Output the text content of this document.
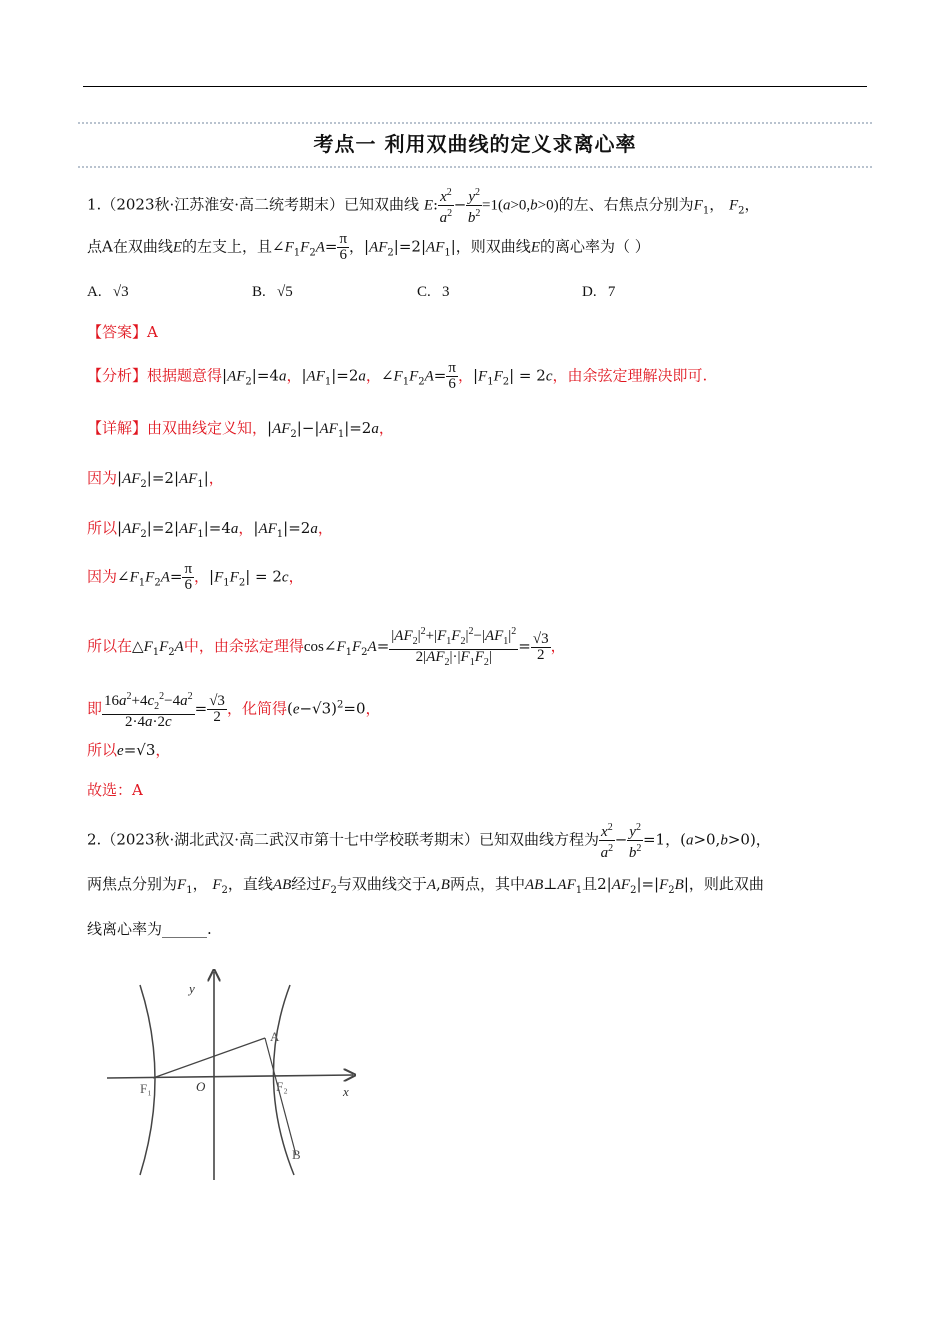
考点一 利用双曲线的定义求离心率
1.（2023秋·江苏淮安·高二统考期末）已知双曲线 E: $\frac{x^2}{a^2} - \frac{y^2}{b^2} =1(a>0,b>0)$的左、右焦点分别为$F_1$， $F_2$，
点A在双曲线E的左支上，且$\angle F_1F_2A= \frac{\pi}{6}$ ，$|AF_2|=2|AF_1|$，则双曲线E的离心率为（ ）
A. √3	B. √5	C. 3	D. 7
【答案】A
【分析】根据题意得$|AF_2|=4a$，$|AF_1|=2a$，$\angle F_1F_2A= \frac{\pi}{6}$ ，$|F_1F_2| = 2c$，由余弦定理解决即可.
【详解】由双曲线定义知，$|AF_2|-|AF_1|=2a$，
因为$|AF_2|=2|AF_1|$，
所以$|AF_2|=2|AF_1|=4a$，$|AF_1|=2a$，
因为$\angle F_1F_2A= \frac{\pi}{6}$ ，$|F_1F_2| = 2c$，
所以在$\triangle F_1F_2A$中，由余弦定理得$\cos\angle F_1F_2A= \frac{|AF_2|^2+|F_1F_2|^2-|AF_1|^2}{2|AF_2|\cdot|F_1F_2|} = \frac{√3}{2}$ ，
即 $\frac{16a^2+4c_2^2-4a^2}{2\cdot 4a\cdot 2c} = \frac{√3}{2}$ ，化简得$(e-√3)^2=0$，
所以e=√3，
故选：A
2.（2023秋·湖北武汉·高二武汉市第十七中学校联考期末）已知双曲线方程为 $\frac{x^2}{a^2} - \frac{y^2}{b^2} =1$，(a>0,b>0)，
两焦点分别为$F_1$， $F_2$，直线AB经过$F_2$与双曲线交于A,B两点，其中$AB\perp AF_1$且$2|AF_2|=|F_2B|$，则此双曲
线离心率为______.
y
x
O
A
B
F₁	F₂
